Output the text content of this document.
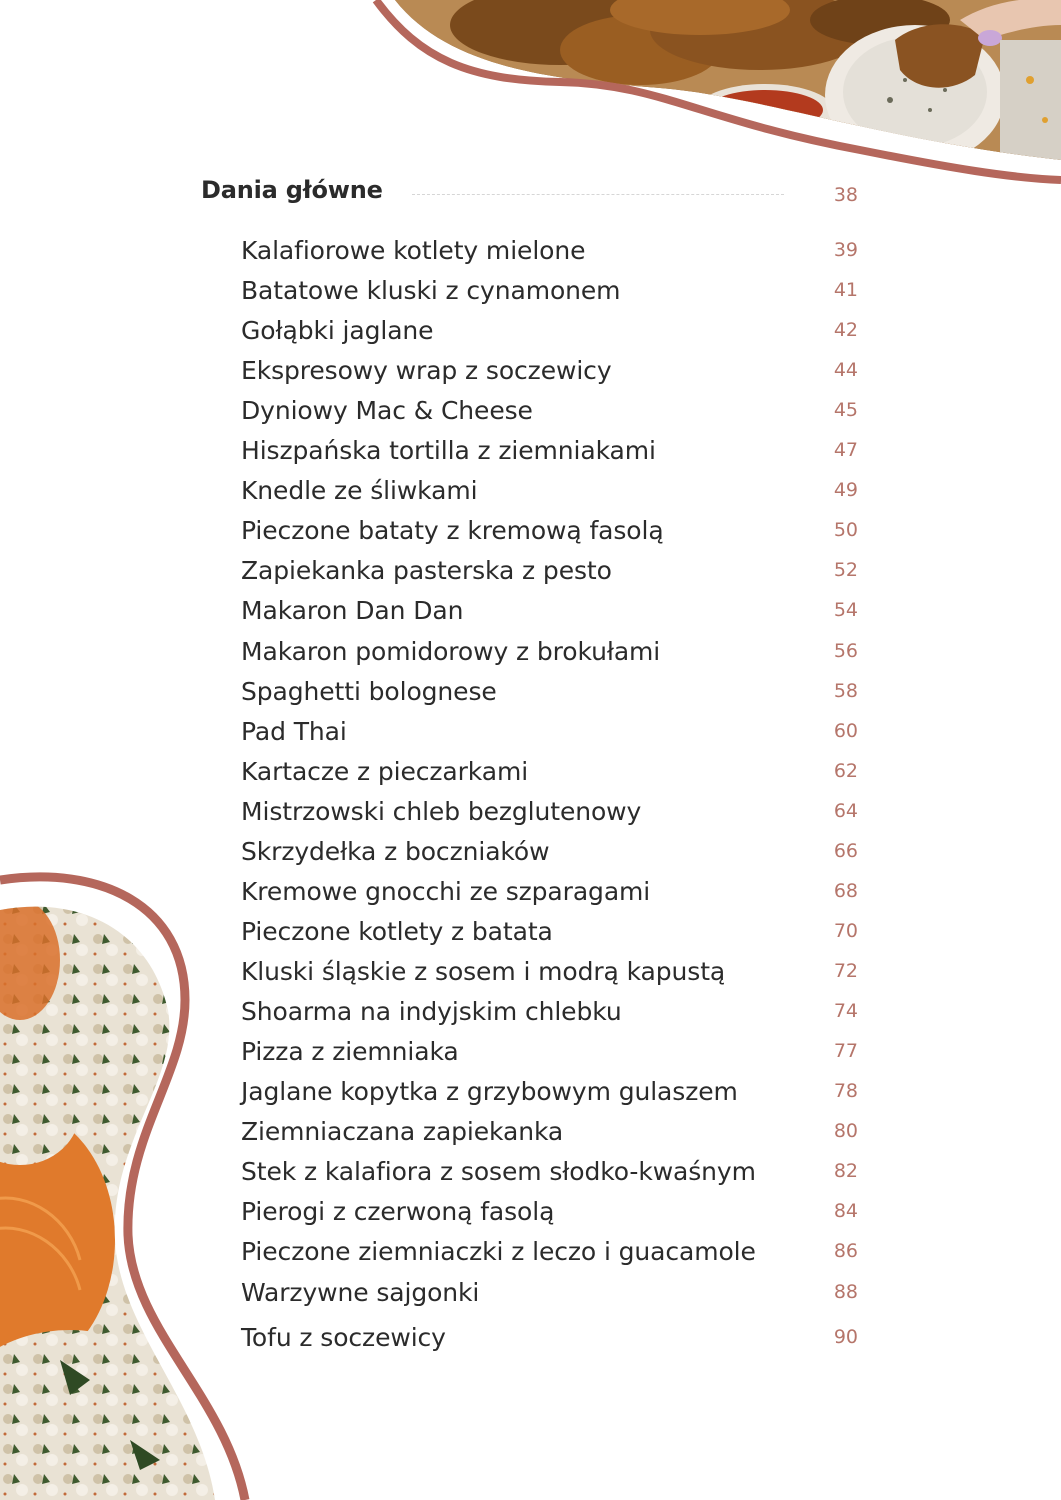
Dania główne	38
Kalafiorowe kotlety mielone	39
Batatowe kluski z cynamonem	41
Gołąbki jaglane	42
Ekspresowy wrap z soczewicy	44
Dyniowy Mac & Cheese	45
Hiszpańska tortilla z ziemniakami	47
Knedle ze śliwkami	49
Pieczone bataty z kremową fasolą	50
Zapiekanka pasterska z pesto	52
Makaron Dan Dan	54
Makaron pomidorowy z brokułami	56
Spaghetti bolognese	58
Pad Thai	60
Kartacze z pieczarkami	62
Mistrzowski chleb bezglutenowy	64
Skrzydełka z boczniaków	66
Kremowe gnocchi ze szparagami	68
Pieczone kotlety z batata	70
Kluski śląskie z sosem i modrą kapustą	72
Shoarma na indyjskim chlebku	74
Pizza z ziemniaka	77
Jaglane kopytka z grzybowym gulaszem	78
Ziemniaczana zapiekanka	80
Stek z kalafiora z sosem słodko-kwaśnym	82
Pierogi z czerwoną fasolą	84
Pieczone ziemniaczki z leczo i guacamole	86
Warzywne sajgonki	88
Tofu z soczewicy	90
